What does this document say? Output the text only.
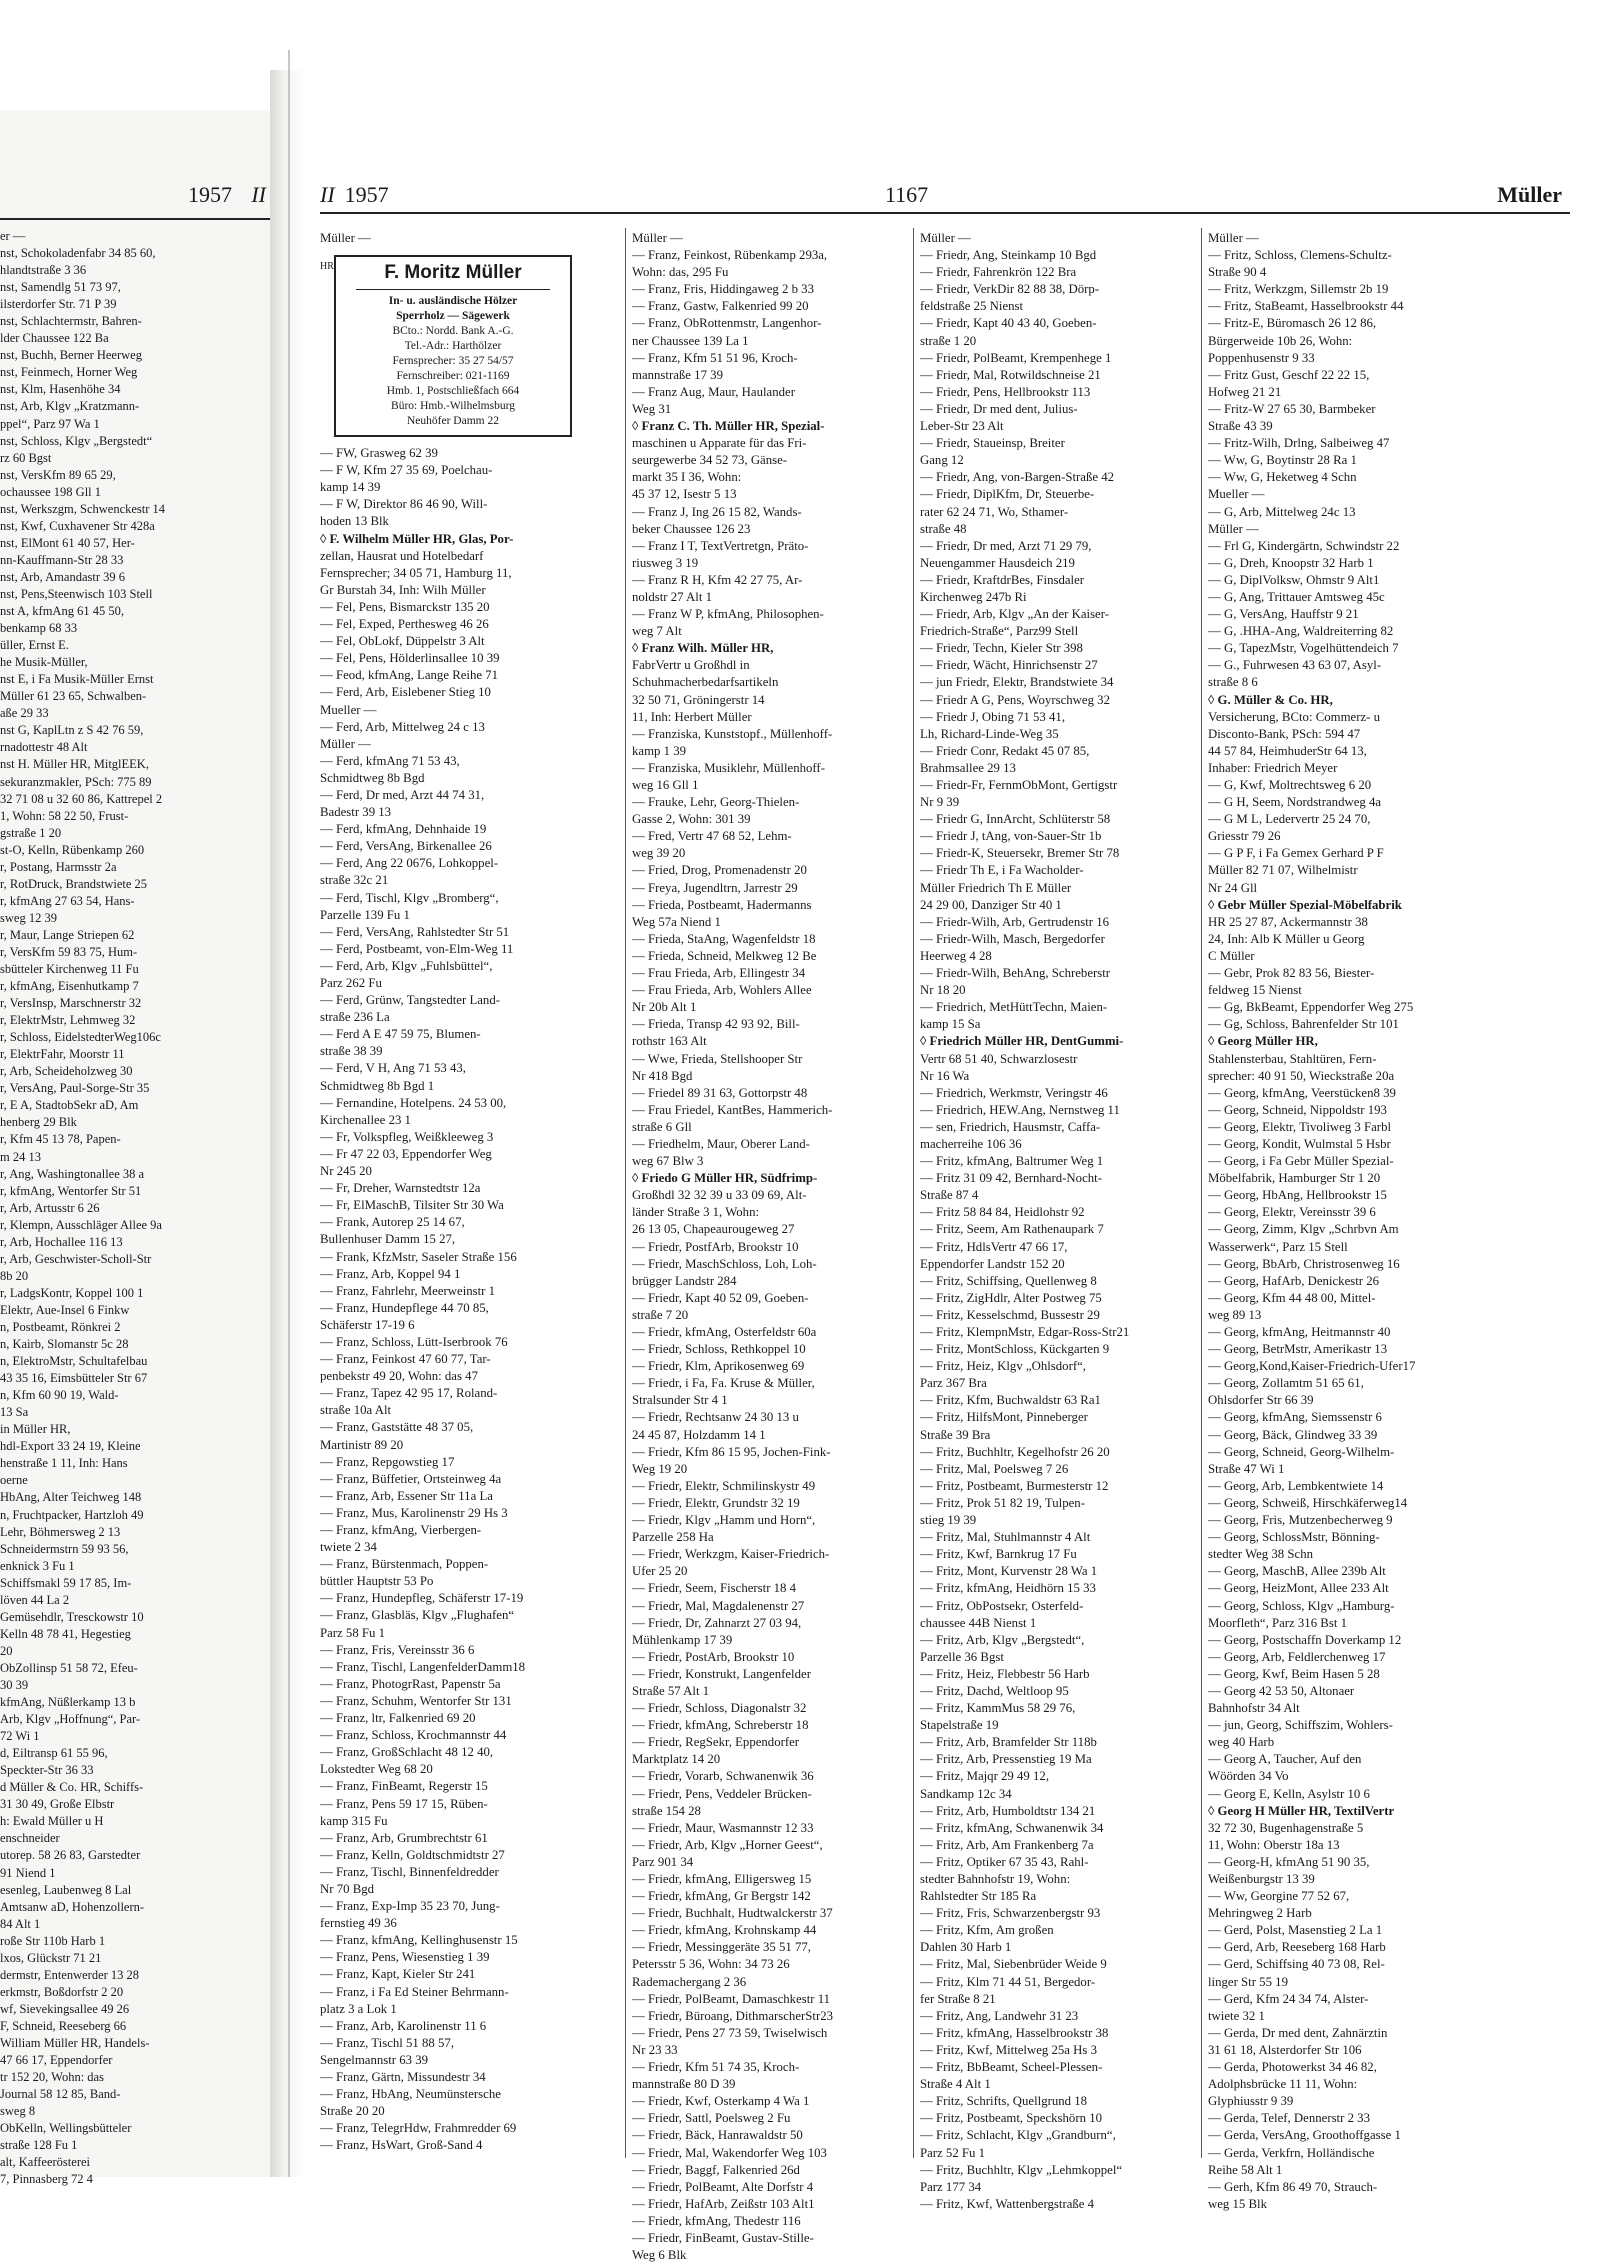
1957 II
er —
nst, Schokoladenfabr 34 85 60,
hlandtstraße 3 36
nst, Samendlg 51 73 97,
ilsterdorfer Str. 71 P 39
nst, Schlachtermstr, Bahren-
lder Chaussee 122 Ba
nst, Buchh, Berner Heerweg
nst, Feinmech, Horner Weg
nst, Klm, Hasenhöhe 34
nst, Arb, Klgv „Kratzmann-
ppel“, Parz 97 Wa 1
nst, Schloss, Klgv „Bergstedt“
rz 60 Bgst
nst, VersKfm 89 65 29,
ochaussee 198 Gll 1
nst, Werkszgm, Schwenckestr 14
nst, Kwf, Cuxhavener Str 428a
nst, ElMont 61 40 57, Her-
nn-Kauffmann-Str 28 33
nst, Arb, Amandastr 39 6
nst, Pens,Steenwisch 103 Stell
nst A, kfmAng 61 45 50,
benkamp 68 33
üller, Ernst E.
he Musik-Müller,
nst E, i Fa Musik-Müller Ernst
Müller 61 23 65, Schwalben-
aße 29 33
nst G, KaplLtn z S 42 76 59,
rnadottestr 48 Alt
nst H. Müller HR, MitglEEK,
sekuranzmakler, PSch: 775 89
32 71 08 u 32 60 86, Kattrepel 2
1, Wohn: 58 22 50, Frust-
gstraße 1 20
st-O, Kelln, Rübenkamp 260
r, Postang, Harmsstr 2a
r, RotDruck, Brandstwiete 25
r, kfmAng 27 63 54, Hans-
sweg 12 39
r, Maur, Lange Striepen 62
r, VersKfm 59 83 75, Hum-
sbütteler Kirchenweg 11 Fu
r, kfmAng, Eisenhutkamp 7
r, VersInsp, Marschnerstr 32
r, ElektrMstr, Lehmweg 32
r, Schloss, EidelstedterWeg106c
r, ElektrFahr, Moorstr 11
r, Arb, Scheideholzweg 30
r, VersAng, Paul-Sorge-Str 35
r, E A, StadtobSekr aD, Am
henberg 29 Blk
r, Kfm 45 13 78, Papen-
m 24 13
r, Ang, Washingtonallee 38 a
r, kfmAng, Wentorfer Str 51
r, Arb, Artusstr 6 26
r, Klempn, Ausschläger Allee 9a
r, Arb, Hochallee 116 13
r, Arb, Geschwister-Scholl-Str
8b 20
r, LadgsKontr, Koppel 100 1
Elektr, Aue-Insel 6 Finkw
n, Postbeamt, Rönkrei 2
n, Kairb, Slomanstr 5c 28
n, ElektroMstr, Schultafelbau
43 35 16, Eimsbütteler Str 67
n, Kfm 60 90 19, Wald-
13 Sa
in Müller HR,
hdl-Export 33 24 19, Kleine
henstraße 1 11, Inh: Hans
oerne
HbAng, Alter Teichweg 148
n, Fruchtpacker, Hartzloh 49
Lehr, Böhmersweg 2 13
Schneidermstrn 59 93 56,
enknick 3 Fu 1
Schiffsmakl 59 17 85, Im-
löven 44 La 2
Gemüsehdlr, Tresckowstr 10
Kelln 48 78 41, Hegestieg
20
ObZollinsp 51 58 72, Efeu-
30 39
kfmAng, Nüßlerkamp 13 b
Arb, Klgv „Hoffnung“, Par-
72 Wi 1
d, Eiltransp 61 55 96,
Speckter-Str 36 33
d Müller & Co. HR, Schiffs-
31 30 49, Große Elbstr
h: Ewald Müller u H
enschneider
utorep. 58 26 83, Garstedter
91 Niend 1
esenleg, Laubenweg 8 Lal
Amtsanw aD, Hohenzollern-
84 Alt 1
roße Str 110b Harb 1
lxos, Glückstr 71 21
dermstr, Entenwerder 13 28
erkmstr, Boßdorfstr 2 20
wf, Sievekingsallee 49 26
F, Schneid, Reeseberg 66
William Müller HR, Handels-
47 66 17, Eppendorfer
tr 152 20, Wohn: das
Journal 58 12 85, Band-
sweg 8
ObKelln, Wellingsbütteler
straße 128 Fu 1
alt, Kaffeerösterei
7, Pinnasberg 72 4
II 1957	1167	Müller
Müller —
HR	F. Moritz Müller
In- u. ausländische Hölzer
Sperrholz — Sägewerk
BCto.: Nordd. Bank A.-G.
Tel.-Adr.: Harthölzer
Fernsprecher: 35 27 54/57
Fernschreiber: 021-1169
Hmb. 1, Postschließfach 664
Büro: Hmb.-Wilhelmsburg
Neuhöfer Damm 22
— FW, Grasweg 62 39
— F W, Kfm 27 35 69, Poelchau-
kamp 14 39
— F W, Direktor 86 46 90, Will-
hoden 13 Blk
◊ F. Wilhelm Müller HR, Glas, Por-
zellan, Hausrat und Hotelbedarf
Fernsprecher; 34 05 71, Hamburg 11,
Gr Burstah 34, Inh: Wilh Müller
— Fel, Pens, Bismarckstr 135 20
— Fel, Exped, Perthesweg 46 26
— Fel, ObLokf, Düppelstr 3 Alt
— Fel, Pens, Hölderlinsallee 10 39
— Feod, kfmAng, Lange Reihe 71
— Ferd, Arb, Eislebener Stieg 10
Mueller —
— Ferd, Arb, Mittelweg 24 c 13
Müller —
— Ferd, kfmAng 71 53 43,
Schmidtweg 8b Bgd
— Ferd, Dr med, Arzt 44 74 31,
Badestr 39 13
— Ferd, kfmAng, Dehnhaide 19
— Ferd, VersAng, Birkenallee 26
— Ferd, Ang 22 0676, Lohkoppel-
straße 32c 21
— Ferd, Tischl, Klgv „Bromberg“,
Parzelle 139 Fu 1
— Ferd, VersAng, Rahlstedter Str 51
— Ferd, Postbeamt, von-Elm-Weg 11
— Ferd, Arb, Klgv „Fuhlsbüttel“,
Parz 262 Fu
— Ferd, Grünw, Tangstedter Land-
straße 236 La
— Ferd A E 47 59 75, Blumen-
straße 38 39
— Ferd, V H, Ang 71 53 43,
Schmidtweg 8b Bgd 1
— Fernandine, Hotelpens. 24 53 00,
Kirchenallee 23 1
— Fr, Volkspfleg, Weißkleeweg 3
— Fr 47 22 03, Eppendorfer Weg
Nr 245 20
— Fr, Dreher, Warnstedtstr 12a
— Fr, ElMaschB, Tilsiter Str 30 Wa
— Frank, Autorep 25 14 67,
Bullenhuser Damm 15 27,
— Frank, KfzMstr, Saseler Straße 156
— Franz, Arb, Koppel 94 1
— Franz, Fahrlehr, Meerweinstr 1
— Franz, Hundepflege 44 70 85,
Schäferstr 17-19 6
— Franz, Schloss, Lütt-Iserbrook 76
— Franz, Feinkost 47 60 77, Tar-
penbekstr 49 20, Wohn: das 47
— Franz, Tapez 42 95 17, Roland-
straße 10a Alt
— Franz, Gaststätte 48 37 05,
Martinistr 89 20
— Franz, Repgowstieg 17
— Franz, Büffetier, Ortsteinweg 4a
— Franz, Arb, Essener Str 11a La
— Franz, Mus, Karolinenstr 29 Hs 3
— Franz, kfmAng, Vierbergen-
twiete 2 34
— Franz, Bürstenmach, Poppen-
büttler Hauptstr 53 Po
— Franz, Hundepfleg, Schäferstr 17-19
— Franz, Glasbläs, Klgv „Flughafen“
Parz 58 Fu 1
— Franz, Fris, Vereinsstr 36 6
— Franz, Tischl, LangenfelderDamm18
— Franz, PhotogrRast, Papenstr 5a
— Franz, Schuhm, Wentorfer Str 131
— Franz, ltr, Falkenried 69 20
— Franz, Schloss, Krochmannstr 44
— Franz, GroßSchlacht 48 12 40,
Lokstedter Weg 68 20
— Franz, FinBeamt, Regerstr 15
— Franz, Pens 59 17 15, Rüben-
kamp 315 Fu
— Franz, Arb, Grumbrechtstr 61
— Franz, Kelln, Goldtschmidtstr 27
— Franz, Tischl, Binnenfeldredder
Nr 70 Bgd
— Franz, Exp-Imp 35 23 70, Jung-
fernstieg 49 36
— Franz, kfmAng, Kellinghusenstr 15
— Franz, Pens, Wiesenstieg 1 39
— Franz, Kapt, Kieler Str 241
— Franz, i Fa Ed Steiner Behrmann-
platz 3 a Lok 1
— Franz, Arb, Karolinenstr 11 6
— Franz, Tischl 51 88 57,
Sengelmannstr 63 39
— Franz, Gärtn, Missundestr 34
— Franz, HbAng, Neumünstersche
Straße 20 20
— Franz, TelegrHdw, Frahmredder 69
— Franz, HsWart, Groß-Sand 4
Müller —
— Franz, Feinkost, Rübenkamp 293a,
Wohn: das, 295 Fu
— Franz, Fris, Hiddingaweg 2 b 33
— Franz, Gastw, Falkenried 99 20
— Franz, ObRottenmstr, Langenhor-
ner Chaussee 139 La 1
— Franz, Kfm 51 51 96, Kroch-
mannstraße 17 39
— Franz Aug, Maur, Haulander
Weg 31
◊ Franz C. Th. Müller HR, Spezial-
maschinen u Apparate für das Fri-
seurgewerbe 34 52 73, Gänse-
markt 35 I 36, Wohn:
45 37 12, Isestr 5 13
— Franz J, Ing 26 15 82, Wands-
beker Chaussee 126 23
— Franz I T, TextVertretgn, Präto-
riusweg 3 19
— Franz R H, Kfm 42 27 75, Ar-
noldstr 27 Alt 1
— Franz W P, kfmAng, Philosophen-
weg 7 Alt
◊ Franz Wilh. Müller HR,
FabrVertr u Großhdl in
Schuhmacherbedarfsartikeln
32 50 71, Gröningerstr 14
11, Inh: Herbert Müller
— Franziska, Kunststopf., Müllenhoff-
kamp 1 39
— Franziska, Musiklehr, Müllenhoff-
weg 16 Gll 1
— Frauke, Lehr, Georg-Thielen-
Gasse 2, Wohn: 301 39
— Fred, Vertr 47 68 52, Lehm-
weg 39 20
— Fried, Drog, Promenadenstr 20
— Freya, Jugendltrn, Jarrestr 29
— Frieda, Postbeamt, Hadermanns
Weg 57a Niend 1
— Frieda, StaAng, Wagenfeldstr 18
— Frieda, Schneid, Melkweg 12 Be
— Frau Frieda, Arb, Ellingestr 34
— Frau Frieda, Arb, Wohlers Allee
Nr 20b Alt 1
— Frieda, Transp 42 93 92, Bill-
rothstr 163 Alt
— Wwe, Frieda, Stellshooper Str
Nr 418 Bgd
— Friedel 89 31 63, Gottorpstr 48
— Frau Friedel, KantBes, Hammerich-
straße 6 Gll
— Friedhelm, Maur, Oberer Land-
weg 67 Blw 3
◊ Friedo G Müller HR, Südfrimp-
Großhdl 32 32 39 u 33 09 69, Alt-
länder Straße 3 1, Wohn:
26 13 05, Chapeaurougeweg 27
— Friedr, PostfArb, Brookstr 10
— Friedr, MaschSchloss, Loh, Loh-
brügger Landstr 284
— Friedr, Kapt 40 52 09, Goeben-
straße 7 20
— Friedr, kfmAng, Osterfeldstr 60a
— Friedr, Schloss, Rethkoppel 10
— Friedr, Klm, Aprikosenweg 69
— Friedr, i Fa, Fa. Kruse & Müller,
Stralsunder Str 4 1
— Friedr, Rechtsanw 24 30 13 u
24 45 87, Holzdamm 14 1
— Friedr, Kfm 86 15 95, Jochen-Fink-
Weg 19 20
— Friedr, Elektr, Schmilinskystr 49
— Friedr, Elektr, Grundstr 32 19
— Friedr, Klgv „Hamm und Horn“,
Parzelle 258 Ha
— Friedr, Werkzgm, Kaiser-Friedrich-
Ufer 25 20
— Friedr, Seem, Fischerstr 18 4
— Friedr, Mal, Magdalenenstr 27
— Friedr, Dr, Zahnarzt 27 03 94,
Mühlenkamp 17 39
— Friedr, PostArb, Brookstr 10
— Friedr, Konstrukt, Langenfelder
Straße 57 Alt 1
— Friedr, Schloss, Diagonalstr 32
— Friedr, kfmAng, Schreberstr 18
— Friedr, RegSekr, Eppendorfer
Marktplatz 14 20
— Friedr, Vorarb, Schwanenwik 36
— Friedr, Pens, Veddeler Brücken-
straße 154 28
— Friedr, Maur, Wasmannstr 12 33
— Friedr, Arb, Klgv „Horner Geest“,
Parz 901 34
— Friedr, kfmAng, Elligersweg 15
— Friedr, kfmAng, Gr Bergstr 142
— Friedr, Buchhalt, Hudtwalckerstr 37
— Friedr, kfmAng, Krohnskamp 44
— Friedr, Messinggeräte 35 51 77,
Petersstr 5 36, Wohn: 34 73 26
Rademachergang 2 36
— Friedr, PolBeamt, Damaschkestr 11
— Friedr, Büroang, DithmarscherStr23
— Friedr, Pens 27 73 59, Twiselwisch
Nr 23 33
— Friedr, Kfm 51 74 35, Kroch-
mannstraße 80 D 39
— Friedr, Kwf, Osterkamp 4 Wa 1
— Friedr, Sattl, Poelsweg 2 Fu
— Friedr, Bäck, Hanrawaldstr 50
— Friedr, Mal, Wakendorfer Weg 103
— Friedr, Baggf, Falkenried 26d
— Friedr, PolBeamt, Alte Dorfstr 4
— Friedr, HafArb, Zeißstr 103 Alt1
— Friedr, kfmAng, Thedestr 116
— Friedr, FinBeamt, Gustav-Stille-
Weg 6 Blk
Müller —
— Friedr, Ang, Steinkamp 10 Bgd
— Friedr, Fahrenkrön 122 Bra
— Friedr, VerkDir 82 88 38, Dörp-
feldstraße 25 Nienst
— Friedr, Kapt 40 43 40, Goeben-
straße 1 20
— Friedr, PolBeamt, Krempenhege 1
— Friedr, Mal, Rotwildschneise 21
— Friedr, Pens, Hellbrookstr 113
— Friedr, Dr med dent, Julius-
Leber-Str 23 Alt
— Friedr, Staueinsp, Breiter
Gang 12
— Friedr, Ang, von-Bargen-Straße 42
— Friedr, DiplKfm, Dr, Steuerbe-
rater 62 24 71, Wo, Sthamer-
straße 48
— Friedr, Dr med, Arzt 71 29 79,
Neuengammer Hausdeich 219
— Friedr, KraftdrBes, Finsdaler
Kirchenweg 247b Ri
— Friedr, Arb, Klgv „An der Kaiser-
Friedrich-Straße“, Parz99 Stell
— Friedr, Techn, Kieler Str 398
— Friedr, Wächt, Hinrichsenstr 27
— jun Friedr, Elektr, Brandstwiete 34
— Friedr A G, Pens, Woyrschweg 32
— Friedr J, Obing 71 53 41,
Lh, Richard-Linde-Weg 35
— Friedr Conr, Redakt 45 07 85,
Brahmsallee 29 13
— Friedr-Fr, FernmObMont, Gertigstr
Nr 9 39
— Friedr G, InnArcht, Schlüterstr 58
— Friedr J, tAng, von-Sauer-Str 1b
— Friedr-K, Steuersekr, Bremer Str 78
— Friedr Th E, i Fa Wacholder-
Müller Friedrich Th E Müller
24 29 00, Danziger Str 40 1
— Friedr-Wilh, Arb, Gertrudenstr 16
— Friedr-Wilh, Masch, Bergedorfer
Heerweg 4 28
— Friedr-Wilh, BehAng, Schreberstr
Nr 18 20
— Friedrich, MetHüttTechn, Maien-
kamp 15 Sa
◊ Friedrich Müller HR, DentGummi-
Vertr 68 51 40, Schwarzlosestr
Nr 16 Wa
— Friedrich, Werkmstr, Veringstr 46
— Friedrich, HEW.Ang, Nernstweg 11
— sen, Friedrich, Hausmstr, Caffa-
macherreihe 106 36
— Fritz, kfmAng, Baltrumer Weg 1
— Fritz 31 09 42, Bernhard-Nocht-
Straße 87 4
— Fritz 58 84 84, Heidlohstr 92
— Fritz, Seem, Am Rathenaupark 7
— Fritz, HdlsVertr 47 66 17,
Eppendorfer Landstr 152 20
— Fritz, Schiffsing, Quellenweg 8
— Fritz, ZigHdlr, Alter Postweg 75
— Fritz, Kesselschmd, Bussestr 29
— Fritz, KlempnMstr, Edgar-Ross-Str21
— Fritz, MontSchloss, Kückgarten 9
— Fritz, Heiz, Klgv „Ohlsdorf“,
Parz 367 Bra
— Fritz, Kfm, Buchwaldstr 63 Ra1
— Fritz, HilfsMont, Pinneberger
Straße 39 Bra
— Fritz, Buchhltr, Kegelhofstr 26 20
— Fritz, Mal, Poelsweg 7 26
— Fritz, Postbeamt, Burmesterstr 12
— Fritz, Prok 51 82 19, Tulpen-
stieg 19 39
— Fritz, Mal, Stuhlmannstr 4 Alt
— Fritz, Kwf, Barnkrug 17 Fu
— Fritz, Mont, Kurvenstr 28 Wa 1
— Fritz, kfmAng, Heidhörn 15 33
— Fritz, ObPostsekr, Osterfeld-
chaussee 44B Nienst 1
— Fritz, Arb, Klgv „Bergstedt“,
Parzelle 36 Bgst
— Fritz, Heiz, Flebbestr 56 Harb
— Fritz, Dachd, Weltloop 95
— Fritz, KammMus 58 29 76,
Stapelstraße 19
— Fritz, Arb, Bramfelder Str 118b
— Fritz, Arb, Pressenstieg 19 Ma
— Fritz, Majqr 29 49 12,
Sandkamp 12c 34
— Fritz, Arb, Humboldtstr 134 21
— Fritz, kfmAng, Schwanenwik 34
— Fritz, Arb, Am Frankenberg 7a
— Fritz, Optiker 67 35 43, Rahl-
stedter Bahnhofstr 19, Wohn:
Rahlstedter Str 185 Ra
— Fritz, Fris, Schwarzenbergstr 93
— Fritz, Kfm, Am großen
Dahlen 30 Harb 1
— Fritz, Mal, Siebenbrüder Weide 9
— Fritz, Klm 71 44 51, Bergedor-
fer Straße 8 21
— Fritz, Ang, Landwehr 31 23
— Fritz, kfmAng, Hasselbrookstr 38
— Fritz, Kwf, Mittelweg 25a Hs 3
— Fritz, BbBeamt, Scheel-Plessen-
Straße 4 Alt 1
— Fritz, Schrifts, Quellgrund 18
— Fritz, Postbeamt, Speckshörn 10
— Fritz, Schlacht, Klgv „Grandburn“,
Parz 52 Fu 1
— Fritz, Buchhltr, Klgv „Lehmkoppel“
Parz 177 34
— Fritz, Kwf, Wattenbergstraße 4
Müller —
— Fritz, Schloss, Clemens-Schultz-
Straße 90 4
— Fritz, Werkzgm, Sillemstr 2b 19
— Fritz, StaBeamt, Hasselbrookstr 44
— Fritz-E, Büromasch 26 12 86,
Bürgerweide 10b 26, Wohn:
Poppenhusenstr 9 33
— Fritz Gust, Geschf 22 22 15,
Hofweg 21 21
— Fritz-W 27 65 30, Barmbeker
Straße 43 39
— Fritz-Wilh, Drlng, Salbeiweg 47
— Ww, G, Boytinstr 28 Ra 1
— Ww, G, Heketweg 4 Schn
Mueller —
— G, Arb, Mittelweg 24c 13
Müller —
— Frl G, Kindergärtn, Schwindstr 22
— G, Dreh, Knoopstr 32 Harb 1
— G, DiplVolksw, Ohmstr 9 Alt1
— G, Ang, Trittauer Amtsweg 45c
— G, VersAng, Hauffstr 9 21
— G, .HHA-Ang, Waldreiterring 82
— G, TapezMstr, Vogelhüttendeich 7
— G., Fuhrwesen 43 63 07, Asyl-
straße 8 6
◊ G. Müller & Co. HR,
Versicherung, BCto: Commerz- u
Disconto-Bank, PSch: 594 47
44 57 84, HeimhuderStr 64 13,
Inhaber: Friedrich Meyer
— G, Kwf, Moltrechtsweg 6 20
— G H, Seem, Nordstrandweg 4a
— G M L, Ledervertr 25 24 70,
Griesstr 79 26
— G P F, i Fa Gemex Gerhard P F
Müller 82 71 07, Wilhelmistr
Nr 24 Gll
◊ Gebr Müller Spezial-Möbelfabrik
HR 25 27 87, Ackermannstr 38
24, Inh: Alb K Müller u Georg
C Müller
— Gebr, Prok 82 83 56, Biester-
feldweg 15 Nienst
— Gg, BkBeamt, Eppendorfer Weg 275
— Gg, Schloss, Bahrenfelder Str 101
◊ Georg Müller HR,
Stahlensterbau, Stahltüren, Fern-
sprecher: 40 91 50, Wieckstraße 20a
— Georg, kfmAng, Veerstücken8 39
— Georg, Schneid, Nippoldstr 193
— Georg, Elektr, Tivoliweg 3 Farbl
— Georg, Kondit, Wulmstal 5 Hsbr
— Georg, i Fa Gebr Müller Spezial-
Möbelfabrik, Hamburger Str 1 20
— Georg, HbAng, Hellbrookstr 15
— Georg, Elektr, Vereinsstr 39 6
— Georg, Zimm, Klgv „Schrbvn Am
Wasserwerk“, Parz 15 Stell
— Georg, BbArb, Christrosenweg 16
— Georg, HafArb, Denickestr 26
— Georg, Kfm 44 48 00, Mittel-
weg 89 13
— Georg, kfmAng, Heitmannstr 40
— Georg, BetrMstr, Amerikastr 13
— Georg,Kond,Kaiser-Friedrich-Ufer17
— Georg, Zollamtm 51 65 61,
Ohlsdorfer Str 66 39
— Georg, kfmAng, Siemssenstr 6
— Georg, Bäck, Glindweg 33 39
— Georg, Schneid, Georg-Wilhelm-
Straße 47 Wi 1
— Georg, Arb, Lembkentwiete 14
— Georg, Schweiß, Hirschkäferweg14
— Georg, Fris, Mutzenbecherweg 9
— Georg, SchlossMstr, Bönning-
stedter Weg 38 Schn
— Georg, MaschB, Allee 239b Alt
— Georg, HeizMont, Allee 233 Alt
— Georg, Schloss, Klgv „Hamburg-
Moorfleth“, Parz 316 Bst 1
— Georg, Postschaffn Doverkamp 12
— Georg, Arb, Feldlerchenweg 17
— Georg, Kwf, Beim Hasen 5 28
— Georg 42 53 50, Altonaer
Bahnhofstr 34 Alt
— jun, Georg, Schiffszim, Wohlers-
weg 40 Harb
— Georg A, Taucher, Auf den
Wöörden 34 Vo
— Georg E, Kelln, Asylstr 10 6
◊ Georg H Müller HR, TextilVertr
32 72 30, Bugenhagenstraße 5
11, Wohn: Oberstr 18a 13
— Georg-H, kfmAng 51 90 35,
Weißenburgstr 13 39
— Ww, Georgine 77 52 67,
Mehringweg 2 Harb
— Gerd, Polst, Masenstieg 2 La 1
— Gerd, Arb, Reeseberg 168 Harb
— Gerd, Schiffsing 40 73 08, Rel-
linger Str 55 19
— Gerd, Kfm 24 34 74, Alster-
twiete 32 1
— Gerda, Dr med dent, Zahnärztin
31 61 18, Alsterdorfer Str 106
— Gerda, Photowerkst 34 46 82,
Adolphsbrücke 11 11, Wohn:
Glyphiusstr 9 39
— Gerda, Telef, Dennerstr 2 33
— Gerda, VersAng, Groothoffgasse 1
— Gerda, Verkfrn, Holländische
Reihe 58 Alt 1
— Gerh, Kfm 86 49 70, Strauch-
weg 15 Blk
